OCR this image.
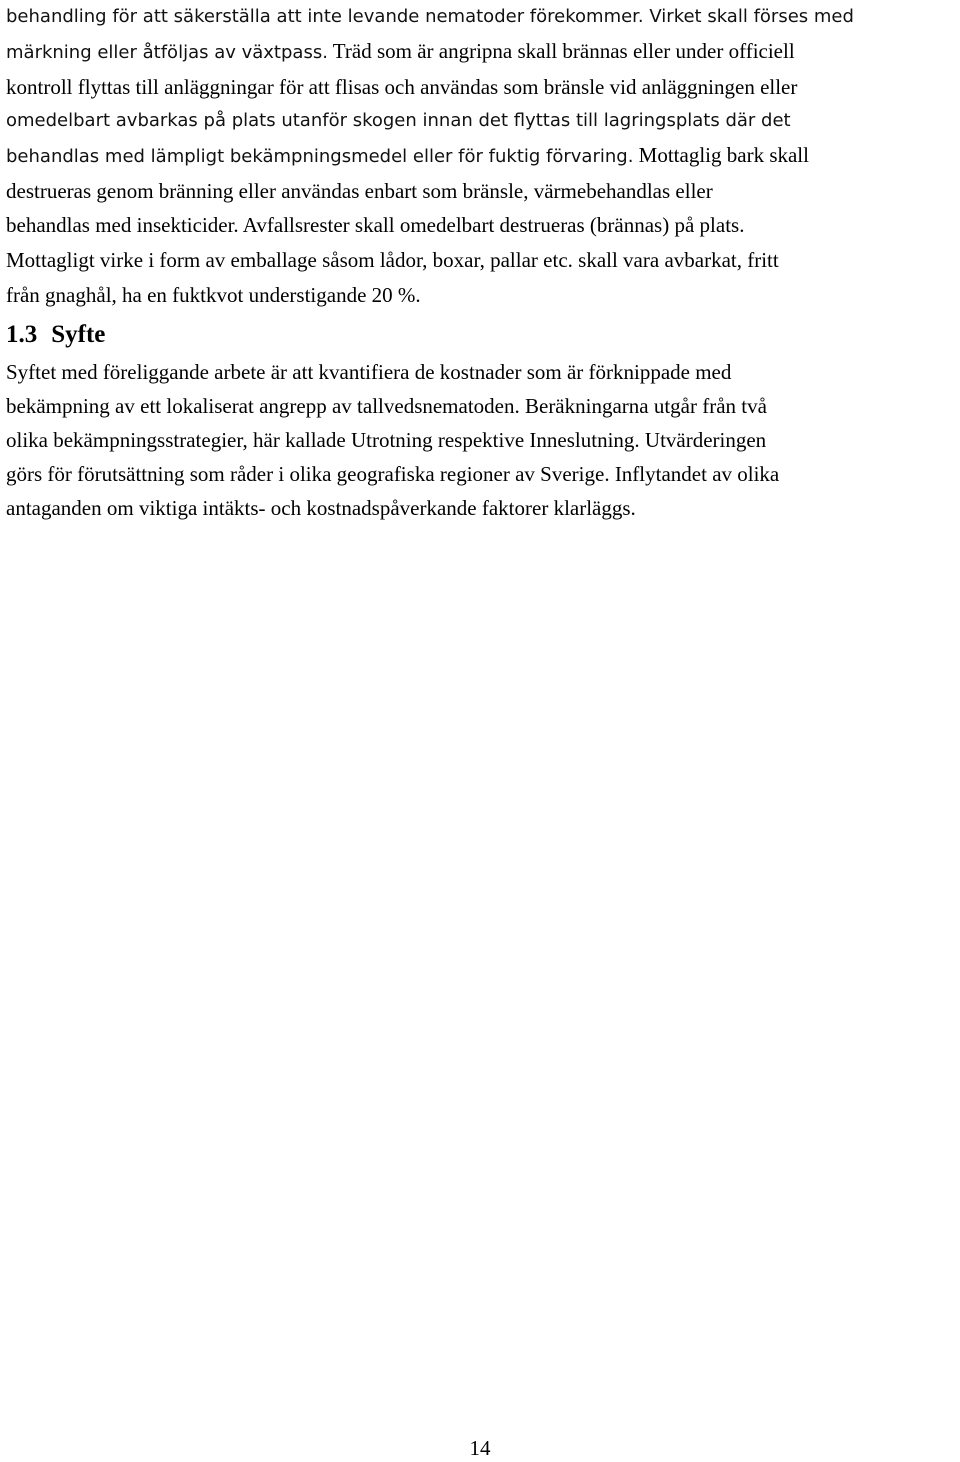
behandling för att säkerställa att inte levande nematoder förekommer. Virket skall förses med
märkning eller åtföljas av växtpass. Träd som är angripna skall brännas eller under officiell
kontroll flyttas till anläggningar för att flisas och användas som bränsle vid anläggningen eller
omedelbart avbarkas på plats utanför skogen innan det flyttas till lagringsplats där det
behandlas med lämpligt bekämpningsmedel eller för fuktig förvaring. Mottaglig bark skall
destrueras genom bränning eller användas enbart som bränsle, värmebehandlas eller
behandlas med insekticider. Avfallsrester skall omedelbart destrueras (brännas) på plats.
Mottagligt virke i form av emballage såsom lådor, boxar, pallar etc. skall vara avbarkat, fritt
från gnaghål, ha en fuktkvot understigande 20 %.
1.3 Syfte
Syftet med föreliggande arbete är att kvantifiera de kostnader som är förknippade med
bekämpning av ett lokaliserat angrepp av tallvedsnematoden. Beräkningarna utgår från två
olika bekämpningsstrategier, här kallade Utrotning respektive Inneslutning. Utvärderingen
görs för förutsättning som råder i olika geografiska regioner av Sverige. Inflytandet av olika
antaganden om viktiga intäkts- och kostnadspåverkande faktorer klarläggs.
14
